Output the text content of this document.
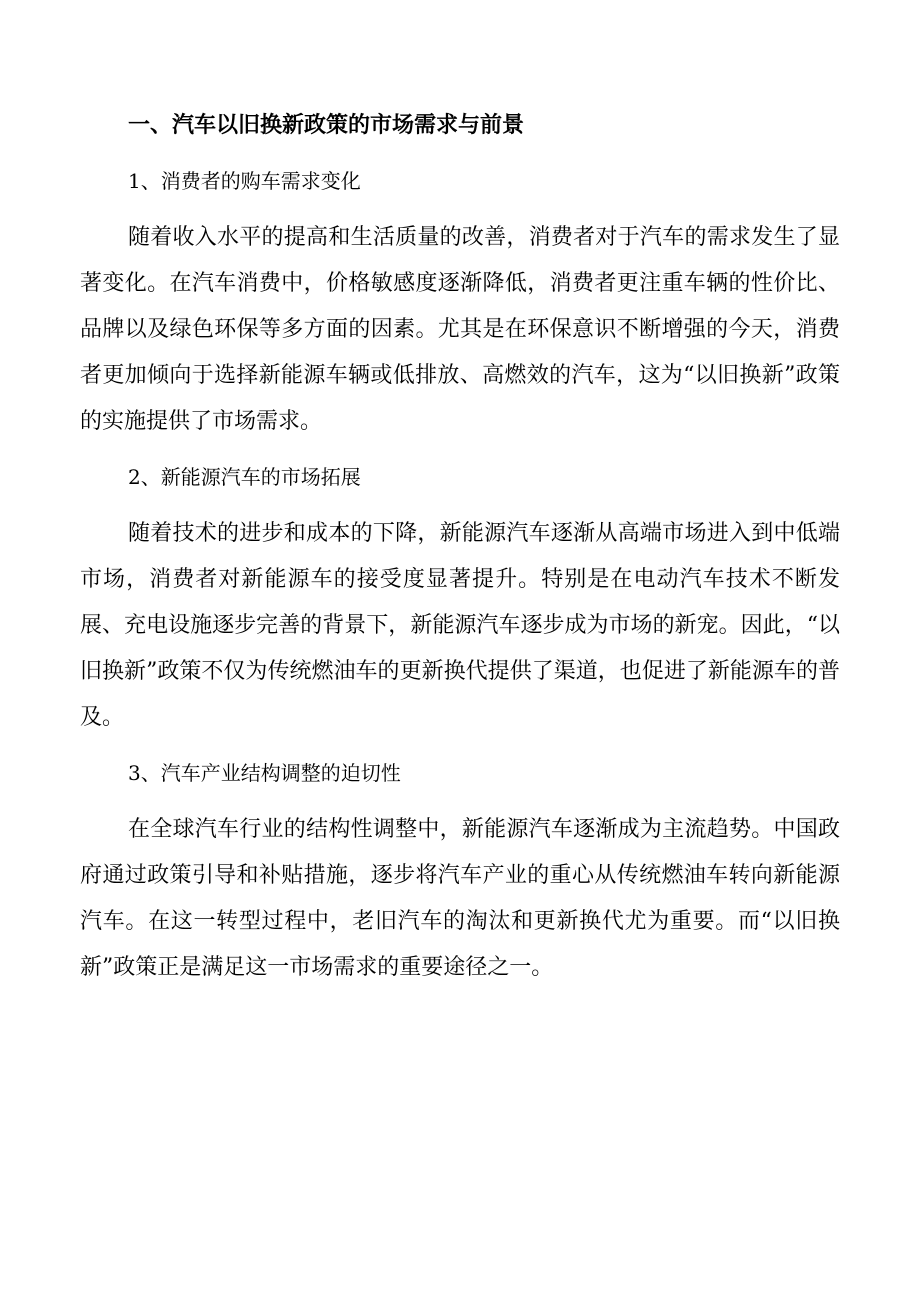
一、汽车以旧换新政策的市场需求与前景
1、消费者的购车需求变化

随着收入水平的提高和生活质量的改善，消费者对于汽车的需求发生了显著变化。在汽车消费中，价格敏感度逐渐降低，消费者更注重车辆的性价比、品牌以及绿色环保等多方面的因素。尤其是在环保意识不断增强的今天，消费者更加倾向于选择新能源车辆或低排放、高燃效的汽车，这为“以旧换新”政策的实施提供了市场需求。

2、新能源汽车的市场拓展

随着技术的进步和成本的下降，新能源汽车逐渐从高端市场进入到中低端市场，消费者对新能源车的接受度显著提升。特别是在电动汽车技术不断发展、充电设施逐步完善的背景下，新能源汽车逐步成为市场的新宠。因此，“以旧换新”政策不仅为传统燃油车的更新换代提供了渠道，也促进了新能源车的普及。

3、汽车产业结构调整的迫切性

在全球汽车行业的结构性调整中，新能源汽车逐渐成为主流趋势。中国政府通过政策引导和补贴措施，逐步将汽车产业的重心从传统燃油车转向新能源汽车。在这一转型过程中，老旧汽车的淘汰和更新换代尤为重要。而“以旧换新”政策正是满足这一市场需求的重要途径之一。
